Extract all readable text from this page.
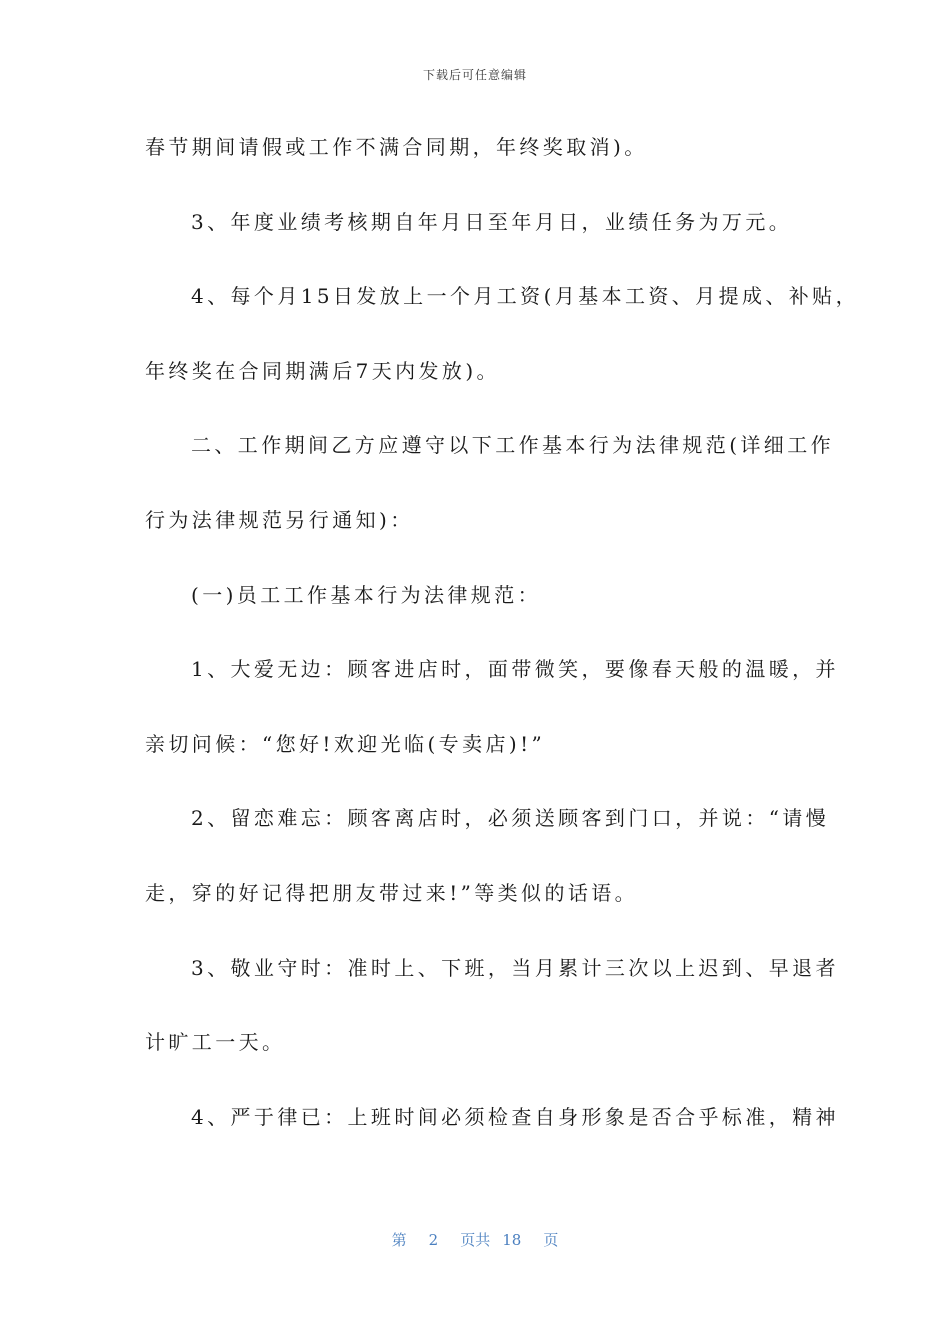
下载后可任意编辑
春节期间请假或工作不满合同期，年终奖取消)。
3、年度业绩考核期自年月日至年月日，业绩任务为万元。
4、每个月15日发放上一个月工资(月基本工资、月提成、补贴，
年终奖在合同期满后7天内发放)。
二、工作期间乙方应遵守以下工作基本行为法律规范(详细工作
行为法律规范另行通知)：
(一)员工工作基本行为法律规范：
1、大爱无边：顾客进店时，面带微笑，要像春天般的温暖，并
亲切问候：“您好!欢迎光临(专卖店)!”
2、留恋难忘：顾客离店时，必须送顾客到门口，并说：“请慢
走，穿的好记得把朋友带过来!”等类似的话语。
3、敬业守时：准时上、下班，当月累计三次以上迟到、早退者
计旷工一天。
4、严于律已：上班时间必须检查自身形象是否合乎标准，精神
第 2 页共 18 页
